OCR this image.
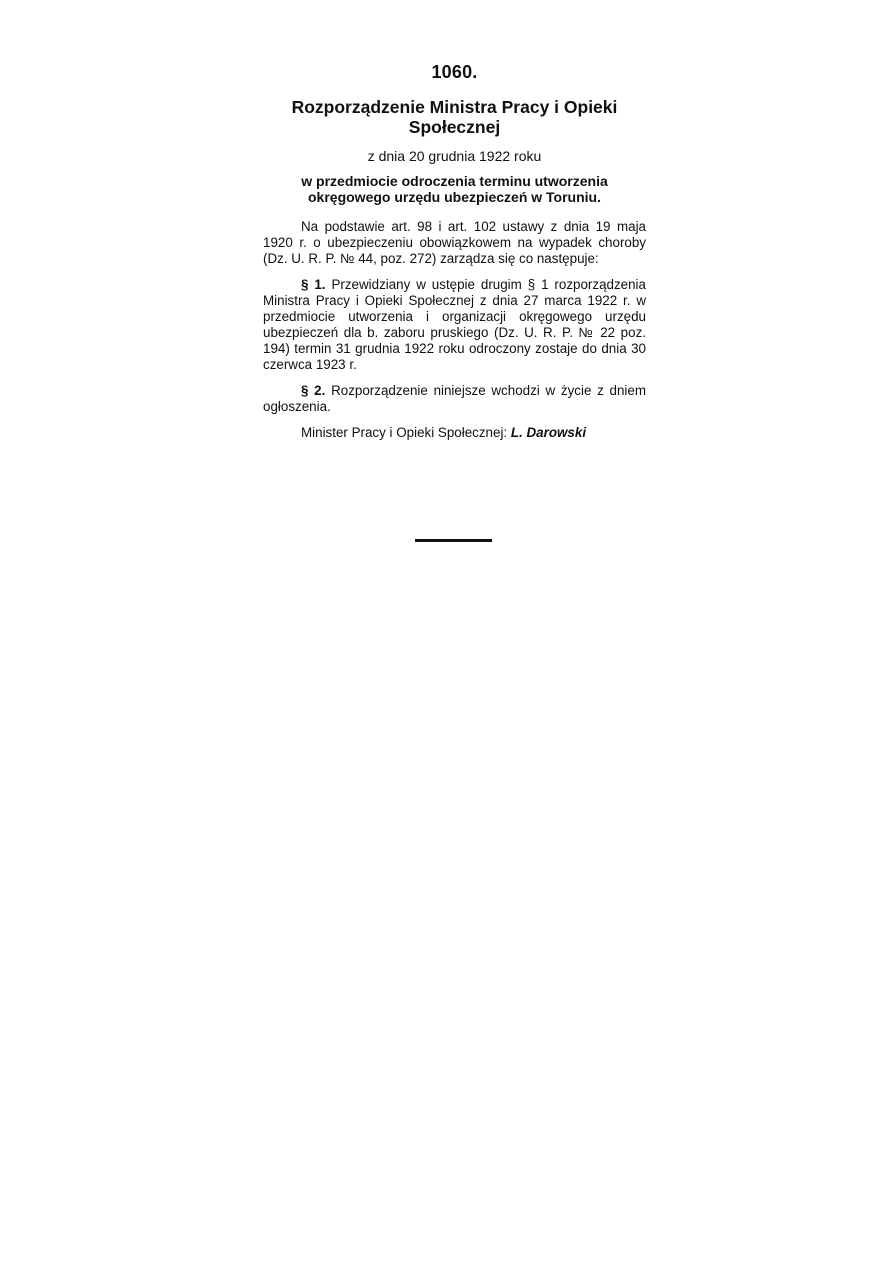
1060.
Rozporządzenie Ministra Pracy i Opieki Społecznej
z dnia 20 grudnia 1922 roku
w przedmiocie odroczenia terminu utworzenia okręgowego urzędu ubezpieczeń w Toruniu.

Na podstawie art. 98 i art. 102 ustawy z dnia 19 maja 1920 r. o ubezpieczeniu obowiązkowem na wypadek choroby (Dz. U. R. P. № 44, poz. 272) zarządza się co następuje:

§ 1. Przewidziany w ustępie drugim § 1 rozporządzenia Ministra Pracy i Opieki Społecznej z dnia 27 marca 1922 r. w przedmiocie utworzenia i organizacji okręgowego urzędu ubezpieczeń dla b. zaboru pruskiego (Dz. U. R. P. № 22 poz. 194) termin 31 grudnia 1922 roku odroczony zostaje do dnia 30 czerwca 1923 r.

§ 2. Rozporządzenie niniejsze wchodzi w życie z dniem ogłoszenia.

Minister Pracy i Opieki Społecznej: L. Darowski
